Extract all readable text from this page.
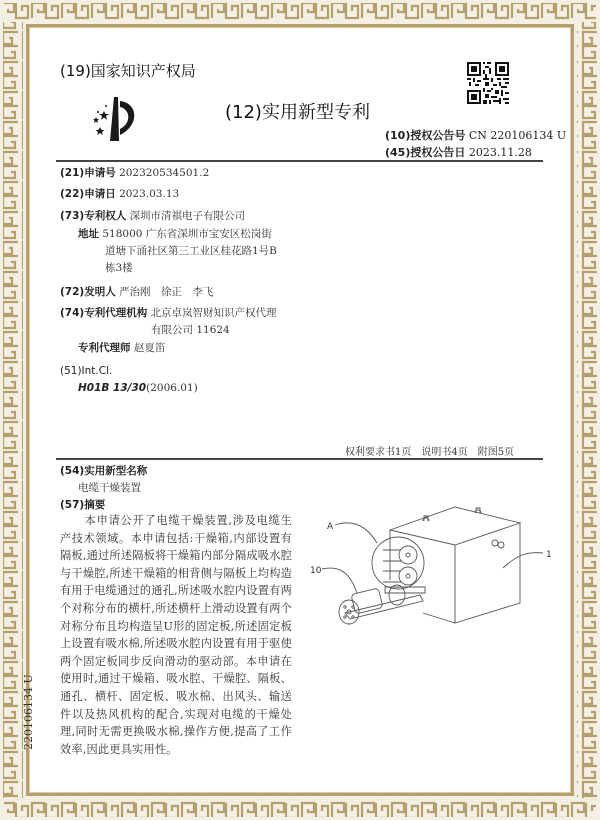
(19)国家知识产权局
(12)实用新型专利
(10)授权公告号 CN 220106134 U
(45)授权公告日 2023.11.28
(21)申请号 202320534501.2
(22)申请日 2023.03.13
(73)专利权人 深圳市清祺电子有限公司
地址 518000 广东省深圳市宝安区松岗街
道塘下涌社区第三工业区桂花路1号B
栋3楼
(72)发明人 严治刚　徐正　李飞
(74)专利代理机构 北京卓岚智财知识产权代理
有限公司 11624
专利代理师 赵夏笛
(51)Int.Cl.
H01B 13/30(2006.01)
权利要求书1页　说明书4页　附图5页
(54)实用新型名称
电缆干燥装置
(57)摘要
本申请公开了电缆干燥装置,涉及电缆生产技术领域。本申请包括:干燥箱,内部设置有隔板,通过所述隔板将干燥箱内部分隔成吸水腔与干燥腔,所述干燥箱的相背侧与隔板上均构造有用于电缆通过的通孔,所述吸水腔内设置有两个对称分布的横杆,所述横杆上滑动设置有两个对称分布且均构造呈U形的固定板,所述固定板上设置有吸水棉,所述吸水腔内设置有用于驱使两个固定板同步反向滑动的驱动部。本申请在使用时,通过干燥箱、吸水腔、干燥腔、隔板、通孔、横杆、固定板、吸水棉、出风头、输送件以及热风机构的配合,实现对电缆的干燥处理,同时无需更换吸水棉,操作方便,提高了工作效率,因此更具实用性。
A
10
1
220106134 U
